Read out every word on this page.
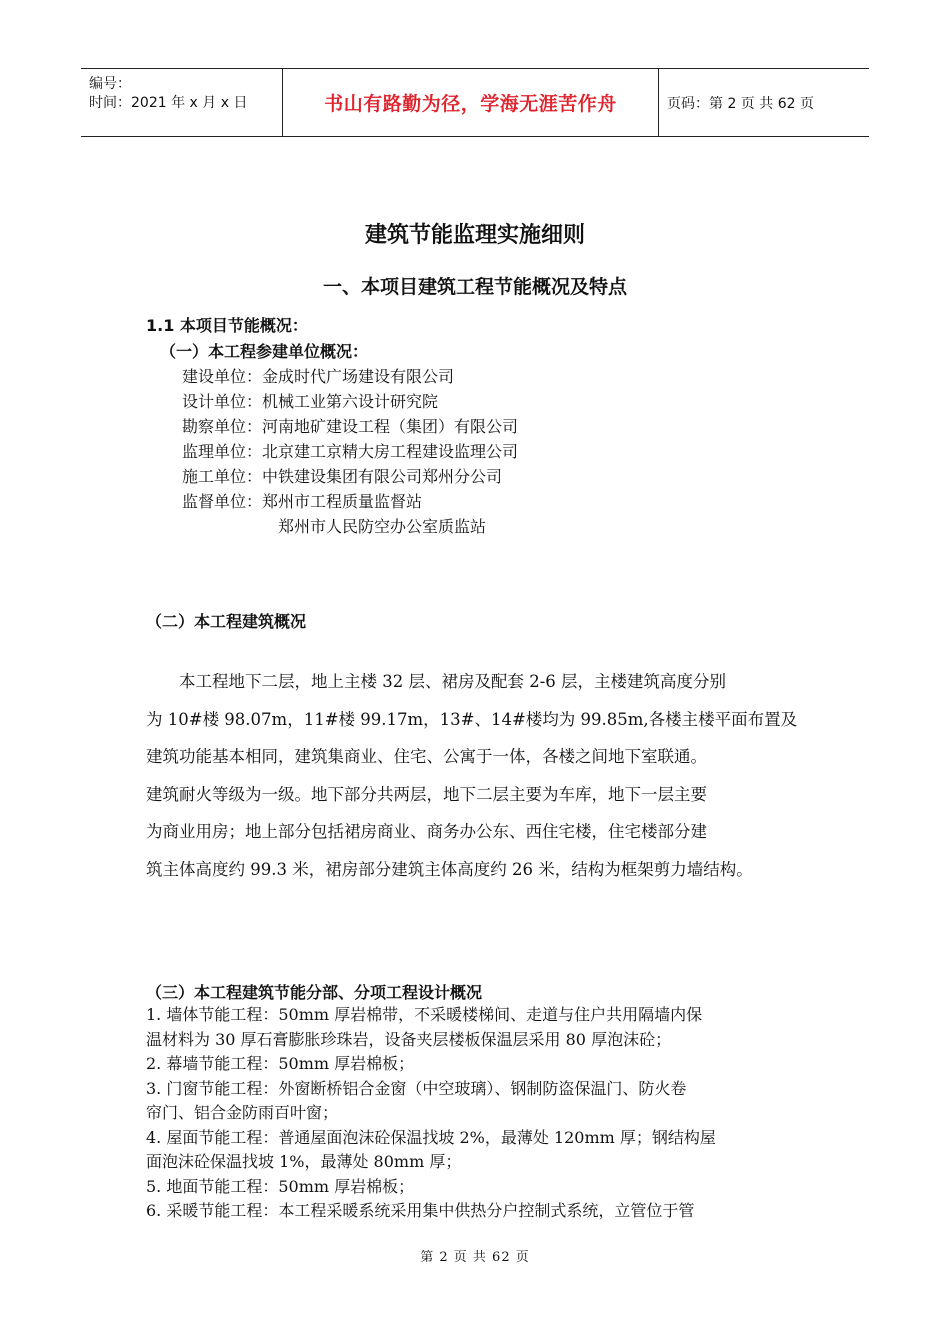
编号：
时间：2021 年 x 月 x 日	书山有路勤为径，学海无涯苦作舟	页码：第 2 页 共 62 页
建筑节能监理实施细则
一、本项目建筑工程节能概况及特点
1.1 本项目节能概况：
（一）本工程参建单位概况：
建设单位：金成时代广场建设有限公司
设计单位：机械工业第六设计研究院
勘察单位：河南地矿建设工程（集团）有限公司
监理单位：北京建工京精大房工程建设监理公司
施工单位：中铁建设集团有限公司郑州分公司
监督单位：郑州市工程质量监督站
郑州市人民防空办公室质监站
（二）本工程建筑概况
本工程地下二层，地上主楼 32 层、裙房及配套 2-6 层，主楼建筑高度分别
为 10#楼 98.07m，11#楼 99.17m，13#、14#楼均为 99.85m,各楼主楼平面布置及
建筑功能基本相同，建筑集商业、住宅、公寓于一体，各楼之间地下室联通。
建筑耐火等级为一级。地下部分共两层，地下二层主要为车库，地下一层主要
为商业用房；地上部分包括裙房商业、商务办公东、西住宅楼，住宅楼部分建
筑主体高度约 99.3 米，裙房部分建筑主体高度约 26 米，结构为框架剪力墙结构。
（三）本工程建筑节能分部、分项工程设计概况
1. 墙体节能工程：50mm 厚岩棉带，不采暖楼梯间、走道与住户共用隔墙内保
温材料为 30 厚石膏膨胀珍珠岩，设备夹层楼板保温层采用 80 厚泡沫砼；
2. 幕墙节能工程：50mm 厚岩棉板；
3. 门窗节能工程：外窗断桥铝合金窗（中空玻璃）、钢制防盗保温门、防火卷
帘门、铝合金防雨百叶窗；
4. 屋面节能工程：普通屋面泡沫砼保温找坡 2%，最薄处 120mm 厚；钢结构屋
面泡沫砼保温找坡 1%，最薄处 80mm 厚；
5. 地面节能工程：50mm 厚岩棉板；
6. 采暖节能工程：本工程采暖系统采用集中供热分户控制式系统，立管位于管
第 2 页 共 62 页
